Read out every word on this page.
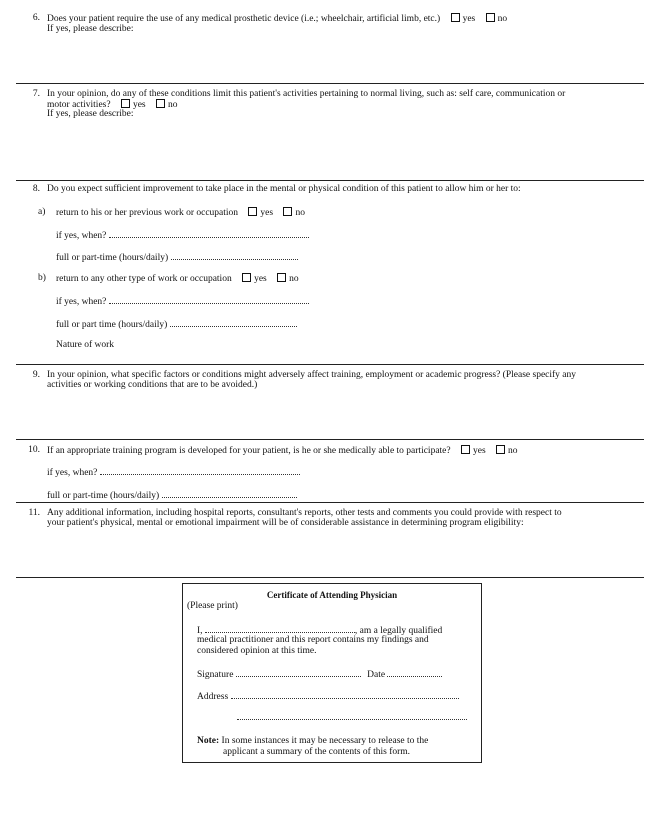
6. Does your patient require the use of any medical prosthetic device (i.e.; wheelchair, artificial limb, etc.) yes no
If yes, please describe:
7. In your opinion, do any of these conditions limit this patient's activities pertaining to normal living, such as: self care, communication or
motor activities? yes no
If yes, please describe:
8. Do you expect sufficient improvement to take place in the mental or physical condition of this patient to allow him or her to:
a) return to his or her previous work or occupation yes no
if yes, when?
full or part-time (hours/daily)
b) return to any other type of work or occupation yes no
if yes, when?
full or part time (hours/daily)
Nature of work
9. In your opinion, what specific factors or conditions might adversely affect training, employment or academic progress? (Please specify any
activities or working conditions that are to be avoided.)
10. If an appropriate training program is developed for your patient, is he or she medically able to participate? yes no
if yes, when?
full or part-time (hours/daily)
11. Any additional information, including hospital reports, consultant's reports, other tests and comments you could provide with respect to
your patient's physical, mental or emotional impairment will be of considerable assistance in determining program eligibility:
Certificate of Attending Physician
(Please print)
I,	, am a legally qualified
medical practitioner and this report contains my findings and
considered opinion at this time.
Signature	Date
Address
Note: In some instances it may be necessary to release to the
applicant a summary of the contents of this form.
